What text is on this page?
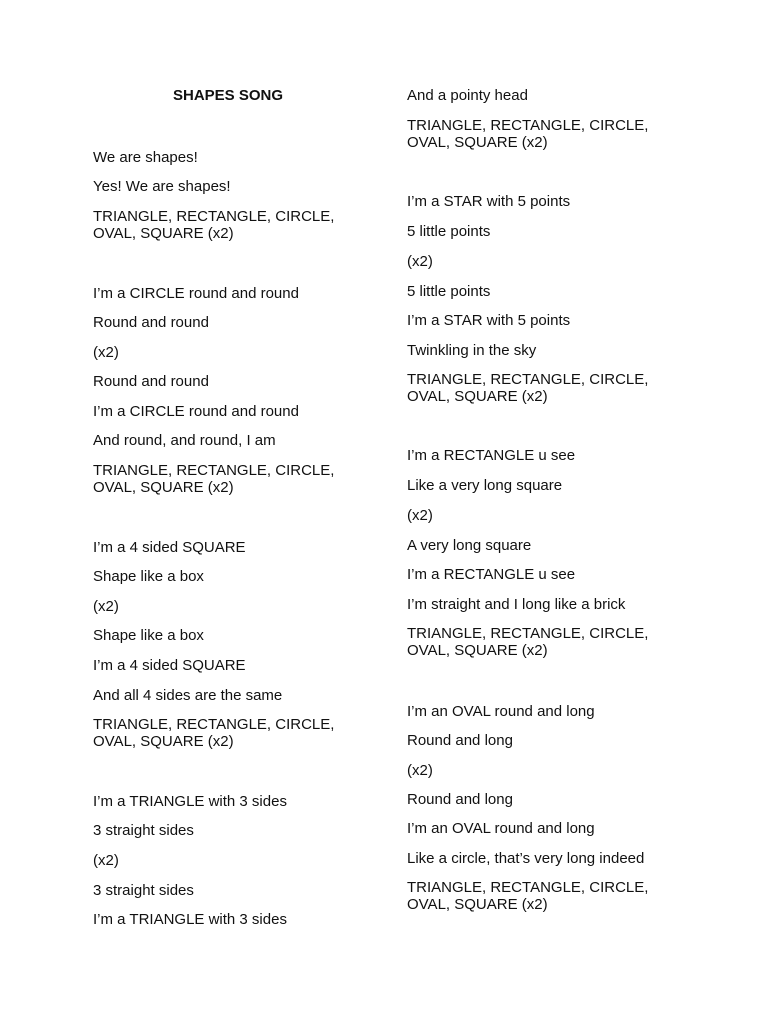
SHAPES SONG
We are shapes!
Yes! We are shapes!
TRIANGLE, RECTANGLE, CIRCLE,
OVAL, SQUARE (x2)
I’m a CIRCLE round and round
Round and round
(x2)
Round and round
I’m a CIRCLE round and round
And round, and round, I am
TRIANGLE, RECTANGLE, CIRCLE,
OVAL, SQUARE (x2)
I’m a 4 sided SQUARE
Shape like a box
(x2)
Shape like a box
I’m a 4 sided SQUARE
And all 4 sides are the same
TRIANGLE, RECTANGLE, CIRCLE,
OVAL, SQUARE (x2)
I’m a TRIANGLE with 3 sides
3 straight sides
(x2)
3 straight sides
I’m a TRIANGLE with 3 sides
And a pointy head
TRIANGLE, RECTANGLE, CIRCLE,
OVAL, SQUARE (x2)
I’m a STAR with 5 points
5 little points
(x2)
5 little points
I’m a STAR with 5 points
Twinkling in the sky
TRIANGLE, RECTANGLE, CIRCLE,
OVAL, SQUARE (x2)
I’m a RECTANGLE u see
Like a very long square
(x2)
A very long square
I’m a RECTANGLE u see
I’m straight and I long like a brick
TRIANGLE, RECTANGLE, CIRCLE,
OVAL, SQUARE (x2)
I’m an OVAL round and long
Round and long
(x2)
Round and long
I’m an OVAL round and long
Like a circle, that’s very long indeed
TRIANGLE, RECTANGLE, CIRCLE,
OVAL, SQUARE (x2)
